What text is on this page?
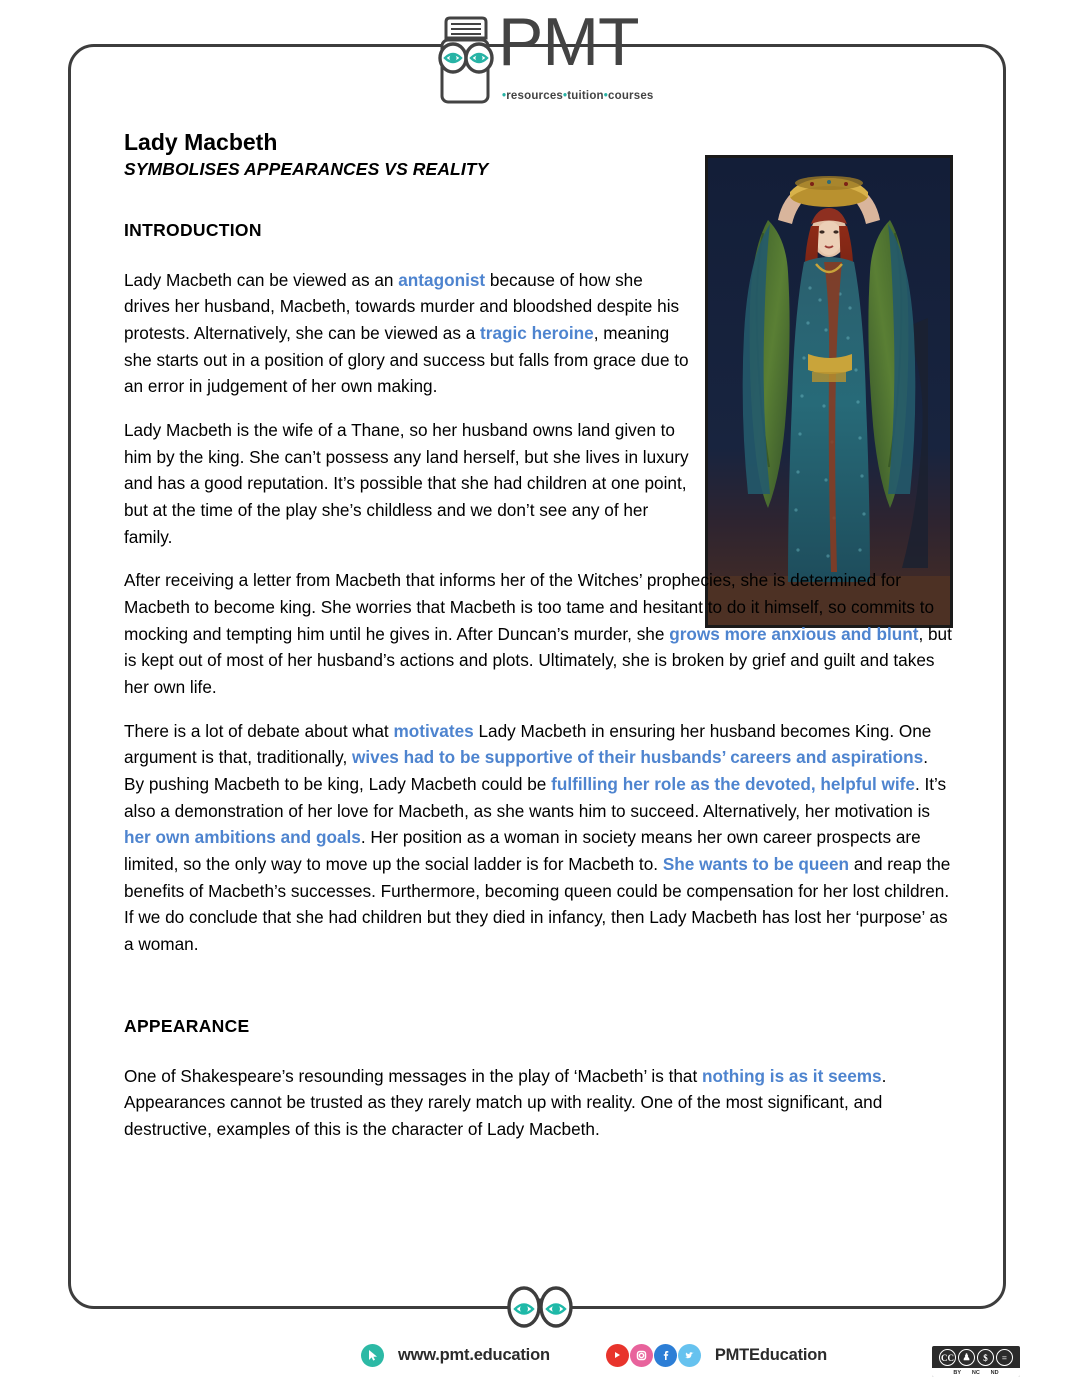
PMT
•resources•tuition•courses
Lady Macbeth
SYMBOLISES APPEARANCES VS REALITY
INTRODUCTION

Lady Macbeth can be viewed as an antagonist because of how she drives her husband, Macbeth, towards murder and bloodshed despite his protests. Alternatively, she can be viewed as a tragic heroine, meaning she starts out in a position of glory and success but falls from grace due to an error in judgement of her own making.

Lady Macbeth is the wife of a Thane, so her husband owns land given to him by the king. She can’t possess any land herself, but she lives in luxury and has a good reputation. It’s possible that she had children at one point, but at the time of the play she’s childless and we don’t see any of her family.

After receiving a letter from Macbeth that informs her of the Witches’ prophecies, she is determined for Macbeth to become king. She worries that Macbeth is too tame and hesitant to do it himself, so commits to mocking and tempting him until he gives in. After Duncan’s murder, she grows more anxious and blunt, but is kept out of most of her husband’s actions and plots. Ultimately, she is broken by grief and guilt and takes her own life.

There is a lot of debate about what motivates Lady Macbeth in ensuring her husband becomes King. One argument is that, traditionally, wives had to be supportive of their husbands’ careers and aspirations. By pushing Macbeth to be king, Lady Macbeth could be fulfilling her role as the devoted, helpful wife. It’s also a demonstration of her love for Macbeth, as she wants him to succeed. Alternatively, her motivation is her own ambitions and goals. Her position as a woman in society means her own career prospects are limited, so the only way to move up the social ladder is for Macbeth to. She wants to be queen and reap the benefits of Macbeth’s successes. Furthermore, becoming queen could be compensation for her lost children. If we do conclude that she had children but they died in infancy, then Lady Macbeth has lost her ‘purpose’ as a woman.

APPEARANCE

One of Shakespeare’s resounding messages in the play of ‘Macbeth’ is that nothing is as it seems. Appearances cannot be trusted as they rarely match up with reality. One of the most significant, and destructive, examples of this is the character of Lady Macbeth.

www.pmt.education	PMTEducation	CC ♟	$	=
BY NC ND
